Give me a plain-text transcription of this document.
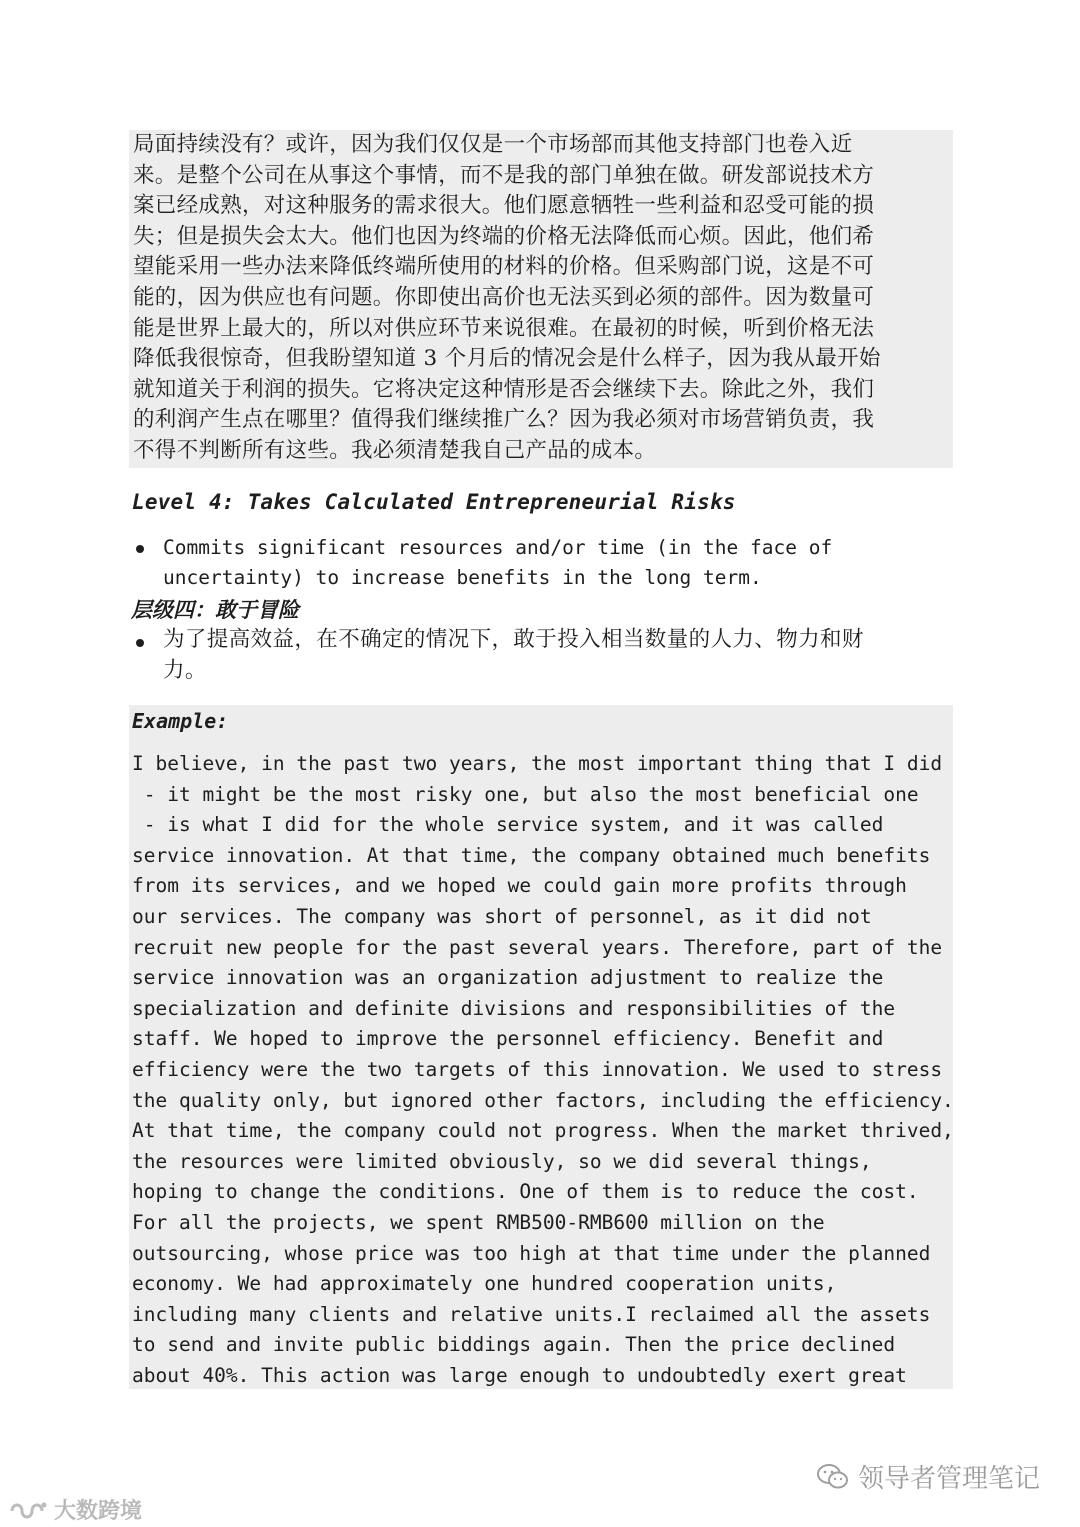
局面持续没有？或许，因为我们仅仅是一个市场部而其他支持部门也卷入近
来。是整个公司在从事这个事情，而不是我的部门单独在做。研发部说技术方
案已经成熟，对这种服务的需求很大。他们愿意牺牲一些利益和忍受可能的损
失；但是损失会太大。他们也因为终端的价格无法降低而心烦。因此，他们希
望能采用一些办法来降低终端所使用的材料的价格。但采购部门说，这是不可
能的，因为供应也有问题。你即使出高价也无法买到必须的部件。因为数量可
能是世界上最大的，所以对供应环节来说很难。在最初的时候，听到价格无法
降低我很惊奇，但我盼望知道 3 个月后的情况会是什么样子，因为我从最开始
就知道关于利润的损失。它将决定这种情形是否会继续下去。除此之外，我们
的利润产生点在哪里？值得我们继续推广么？因为我必须对市场营销负责，我
不得不判断所有这些。我必须清楚我自己产品的成本。
Level 4: Takes Calculated Entrepreneurial Risks
Commits significant resources and/or time (in the face of
uncertainty) to increase benefits in the long term.
层级四：敢于冒险
为了提高效益，在不确定的情况下，敢于投入相当数量的人力、物力和财
力。
Example:
I believe, in the past two years, the most important thing that I did
- it might be the most risky one, but also the most beneficial one
- is what I did for the whole service system, and it was called
service innovation. At that time, the company obtained much benefits
from its services, and we hoped we could gain more profits through
our services. The company was short of personnel, as it did not
recruit new people for the past several years. Therefore, part of the
service innovation was an organization adjustment to realize the
specialization and definite divisions and responsibilities of the
staff. We hoped to improve the personnel efficiency. Benefit and
efficiency were the two targets of this innovation. We used to stress
the quality only, but ignored other factors, including the efficiency.
At that time, the company could not progress. When the market thrived,
the resources were limited obviously, so we did several things,
hoping to change the conditions. One of them is to reduce the cost.
For all the projects, we spent RMB500-RMB600 million on the
outsourcing, whose price was too high at that time under the planned
economy. We had approximately one hundred cooperation units,
including many clients and relative units.I reclaimed all the assets
to send and invite public biddings again. Then the price declined
about 40%. This action was large enough to undoubtedly exert great
领导者管理笔记
大数跨境
